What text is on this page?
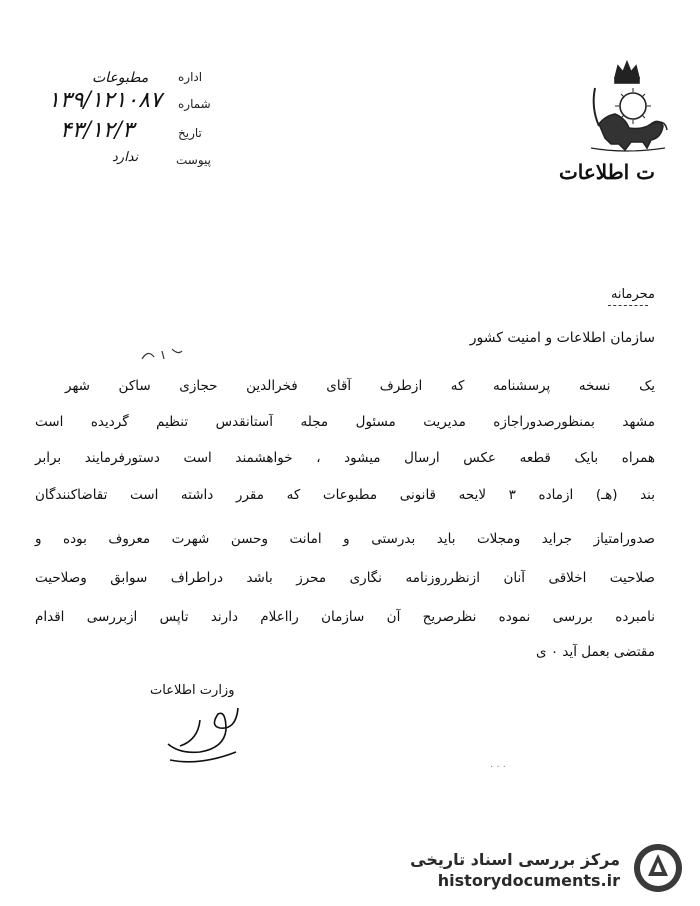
ت اطلاعات
اداره
مطبوعات
شماره
۱۳۹/۱۲۱۰۸۷
تاریخ
۴۳/۱۲/۳
پیوست
ندارد
محرمانه
سازمان اطلاعات و امنیت کشور
یک نسخه پرسشنامه که ازطرف آقای فخرالدین حجازی ساکن شهر
مشهد بمنظورصدوراجازه مدیریت مسئول مجله آستانقدس تنظیم گردیده است
همراه بایک قطعه عکس ارسال میشود ، خواهشمند است دستورفرمایند برابر
بند (هـ) ازماده ۳ لایحه قانونی مطبوعات که مقرر داشته است تقاضاکنندگان
صدورامتیاز جراید ومجلات باید بدرستی و امانت وحسن شهرت معروف بوده و
صلاحیت اخلاقی آنان ازنظرروزنامه نگاری محرز باشد دراطراف سوابق وصلاحیت
نامبرده بررسی نموده نظرصریح آن سازمان رااعلام دارند تاپس ازبررسی اقدام
مقتضی بعمل آید ۰ ی
وزارت اطلاعات
· · ·
مرکز بررسی اسناد تاریخی
historydocuments.ir
